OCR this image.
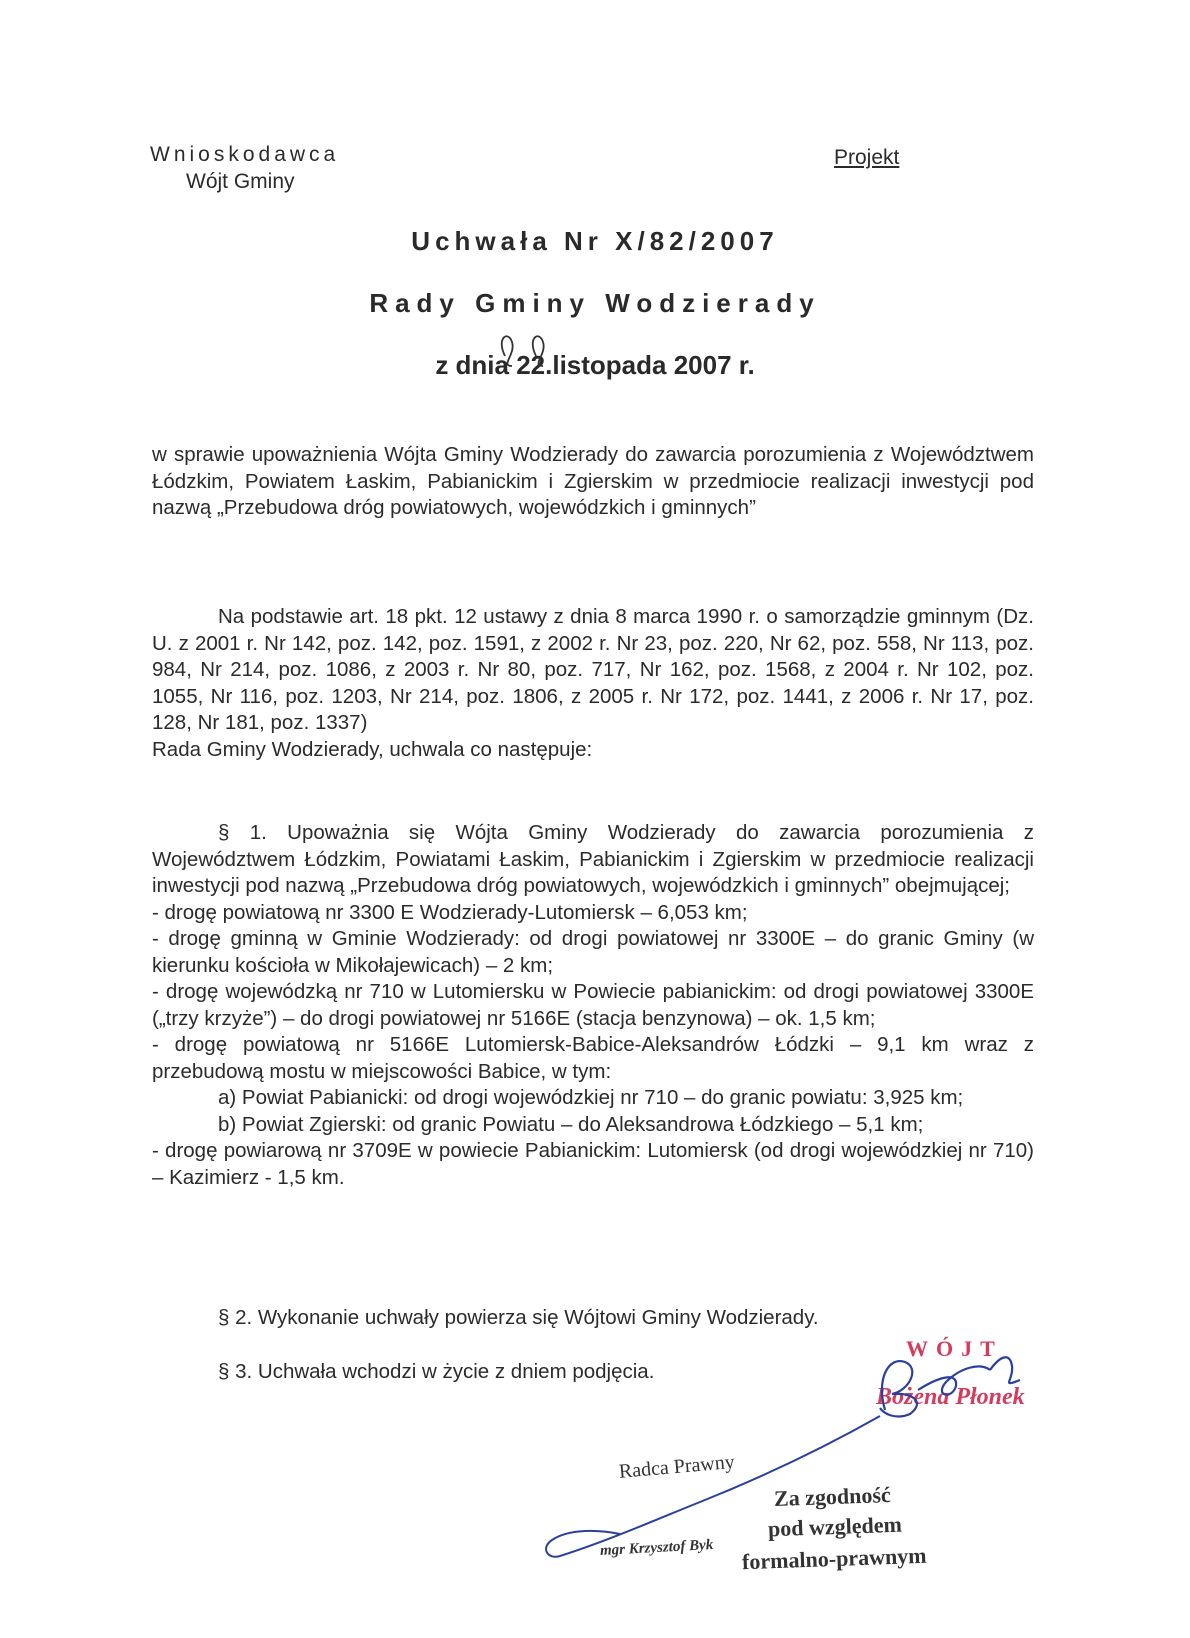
Wnioskodawca
Wójt Gminy
Projekt
Uchwała Nr X/82/2007
Rady Gminy Wodzierady
z dnia 22.listopada 2007 r.
w sprawie upoważnienia Wójta Gminy Wodzierady do zawarcia porozumienia z Województwem Łódzkim, Powiatem Łaskim, Pabianickim i Zgierskim w przedmiocie realizacji inwestycji pod nazwą „Przebudowa dróg powiatowych, wojewódzkich i gminnych”
Na podstawie art. 18 pkt. 12 ustawy z dnia 8 marca 1990 r. o samorządzie gminnym (Dz. U. z 2001 r. Nr 142, poz. 142, poz. 1591, z 2002 r. Nr 23, poz. 220, Nr 62, poz. 558, Nr 113, poz. 984, Nr 214, poz. 1086, z 2003 r. Nr 80, poz. 717, Nr 162, poz. 1568, z 2004 r. Nr 102, poz. 1055, Nr 116, poz. 1203, Nr 214, poz. 1806, z 2005 r. Nr 172, poz. 1441, z 2006 r. Nr 17, poz. 128, Nr 181, poz. 1337)
Rada Gminy Wodzierady, uchwala co następuje:

§ 1. Upoważnia się Wójta Gminy Wodzierady do zawarcia porozumienia z Województwem Łódzkim, Powiatami Łaskim, Pabianickim i Zgierskim w przedmiocie realizacji inwestycji pod nazwą „Przebudowa dróg powiatowych, wojewódzkich i gminnych” obejmującej;

- drogę powiatową nr 3300 E Wodzierady-Lutomiersk – 6,053 km;

- drogę gminną w Gminie Wodzierady: od drogi powiatowej nr 3300E – do granic Gminy (w kierunku kościoła w Mikołajewicach) – 2 km;

- drogę wojewódzką nr 710 w Lutomiersku w Powiecie pabianickim: od drogi powiatowej 3300E („trzy krzyże”) – do drogi powiatowej nr 5166E (stacja benzynowa) – ok. 1,5 km;

- drogę powiatową nr 5166E Lutomiersk-Babice-Aleksandrów Łódzki – 9,1 km wraz z przebudową mostu w miejscowości Babice, w tym:

a) Powiat Pabianicki: od drogi wojewódzkiej nr 710 – do granic powiatu: 3,925 km;

b) Powiat Zgierski: od granic Powiatu – do Aleksandrowa Łódzkiego – 5,1 km;

- drogę powiarową nr 3709E w powiecie Pabianickim: Lutomiersk (od drogi wojewódzkiej nr 710) – Kazimierz - 1,5 km.

§ 2. Wykonanie uchwały powierza się Wójtowi Gminy Wodzierady.
§ 3. Uchwała wchodzi w życie z dniem podjęcia.
WÓJT
Bożena Płonek
Radca Prawny
Za zgodność
pod względem
formalno-prawnym
mgr Krzysztof Byk
